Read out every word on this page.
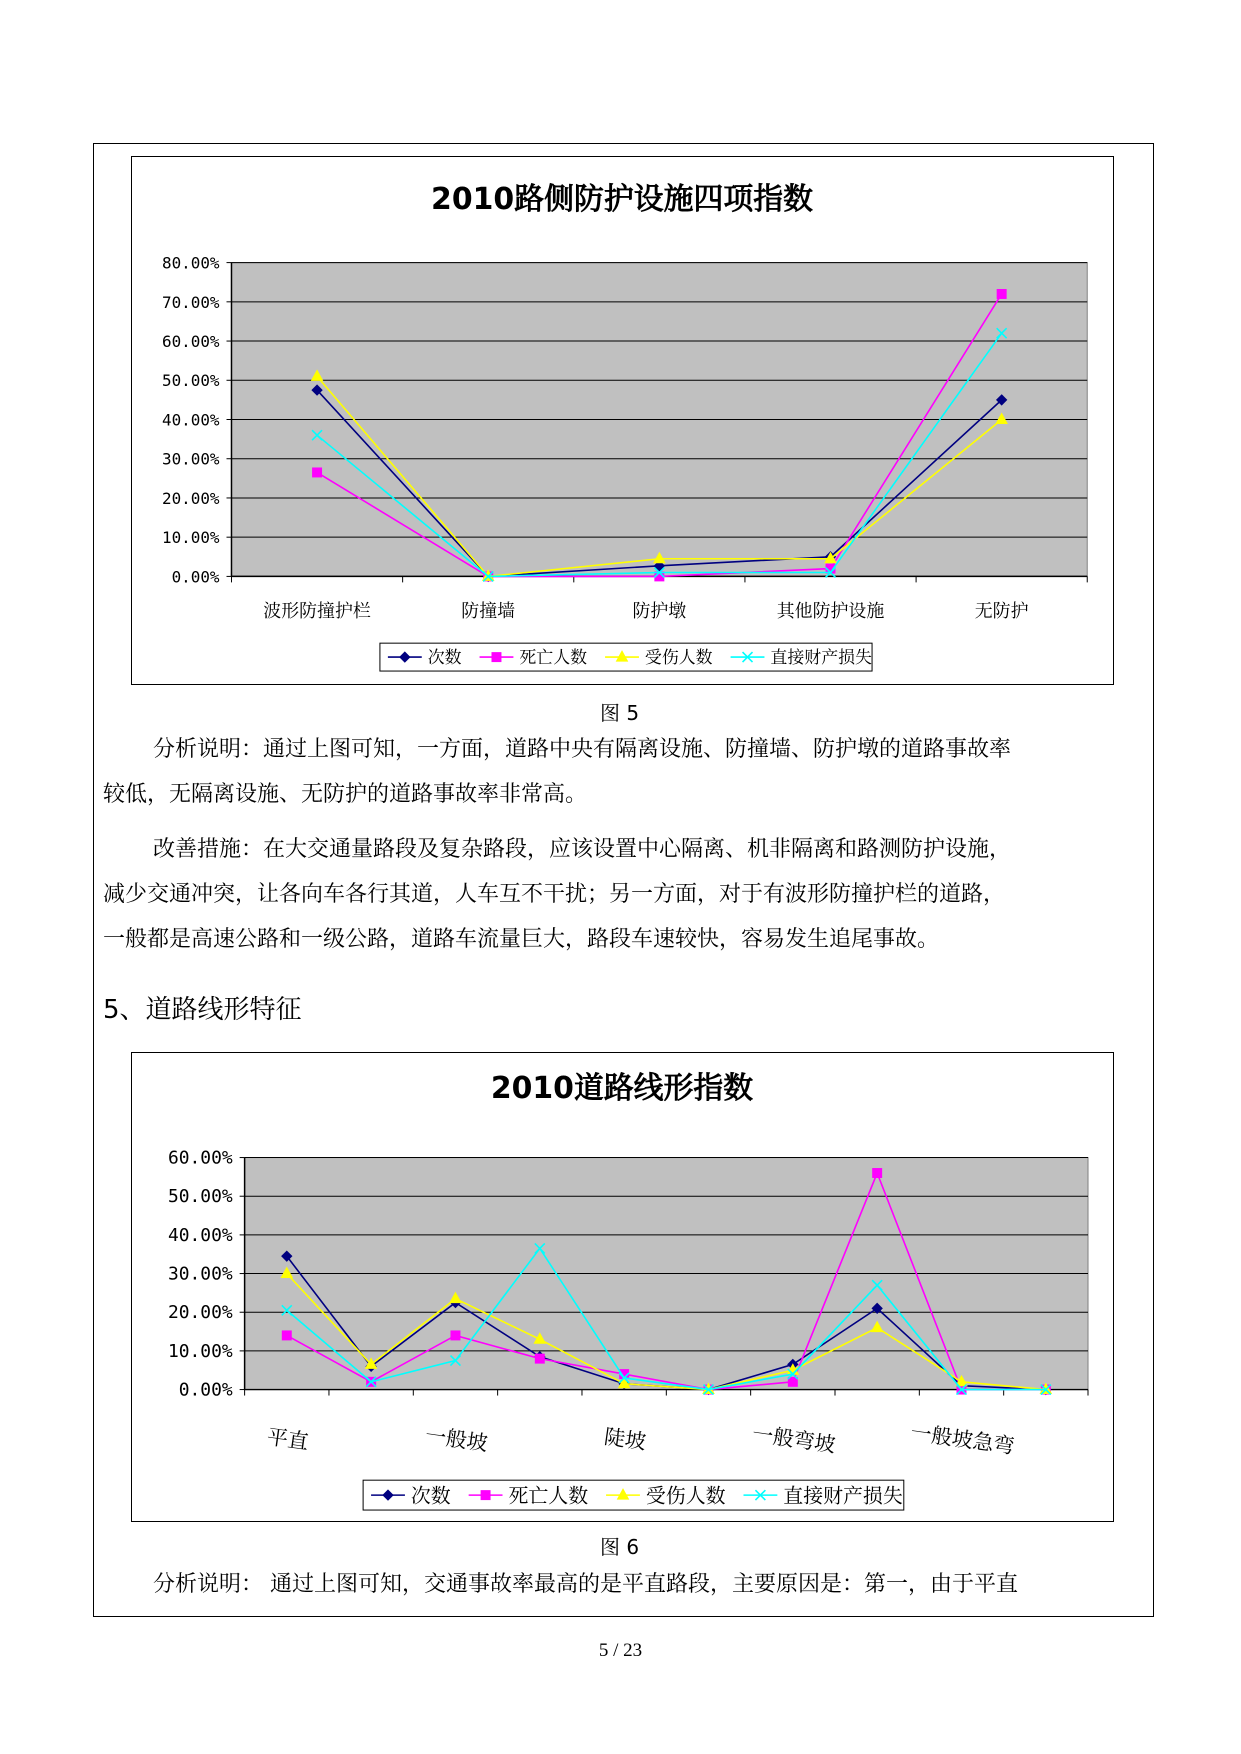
2010路侧防护设施四项指数
0.00%
10.00%
20.00%
30.00%
40.00%
50.00%
60.00%
70.00%
80.00%
波形防撞护栏	防撞墙	防护墩	其他防护设施	无防护
次数	死亡人数	受伤人数	直接财产损失
图 5
分析说明：通过上图可知，一方面，道路中央有隔离设施、防撞墙、防护墩的道路事故率
较低，无隔离设施、无防护的道路事故率非常高。
改善措施：在大交通量路段及复杂路段，应该设置中心隔离、机非隔离和路测防护设施，
减少交通冲突，让各向车各行其道，人车互不干扰；另一方面，对于有波形防撞护栏的道路，
一般都是高速公路和一级公路，道路车流量巨大，路段车速较快，容易发生追尾事故。
5、道路线形特征
2010道路线形指数
0.00%
10.00%
20.00%
30.00%
40.00%
50.00%
60.00%
平直	一般坡	陡坡	一般弯坡	一般坡急弯
次数	死亡人数	受伤人数	直接财产损失
图 6
分析说明： 通过上图可知，交通事故率最高的是平直路段，主要原因是：第一，由于平直
5 / 23
